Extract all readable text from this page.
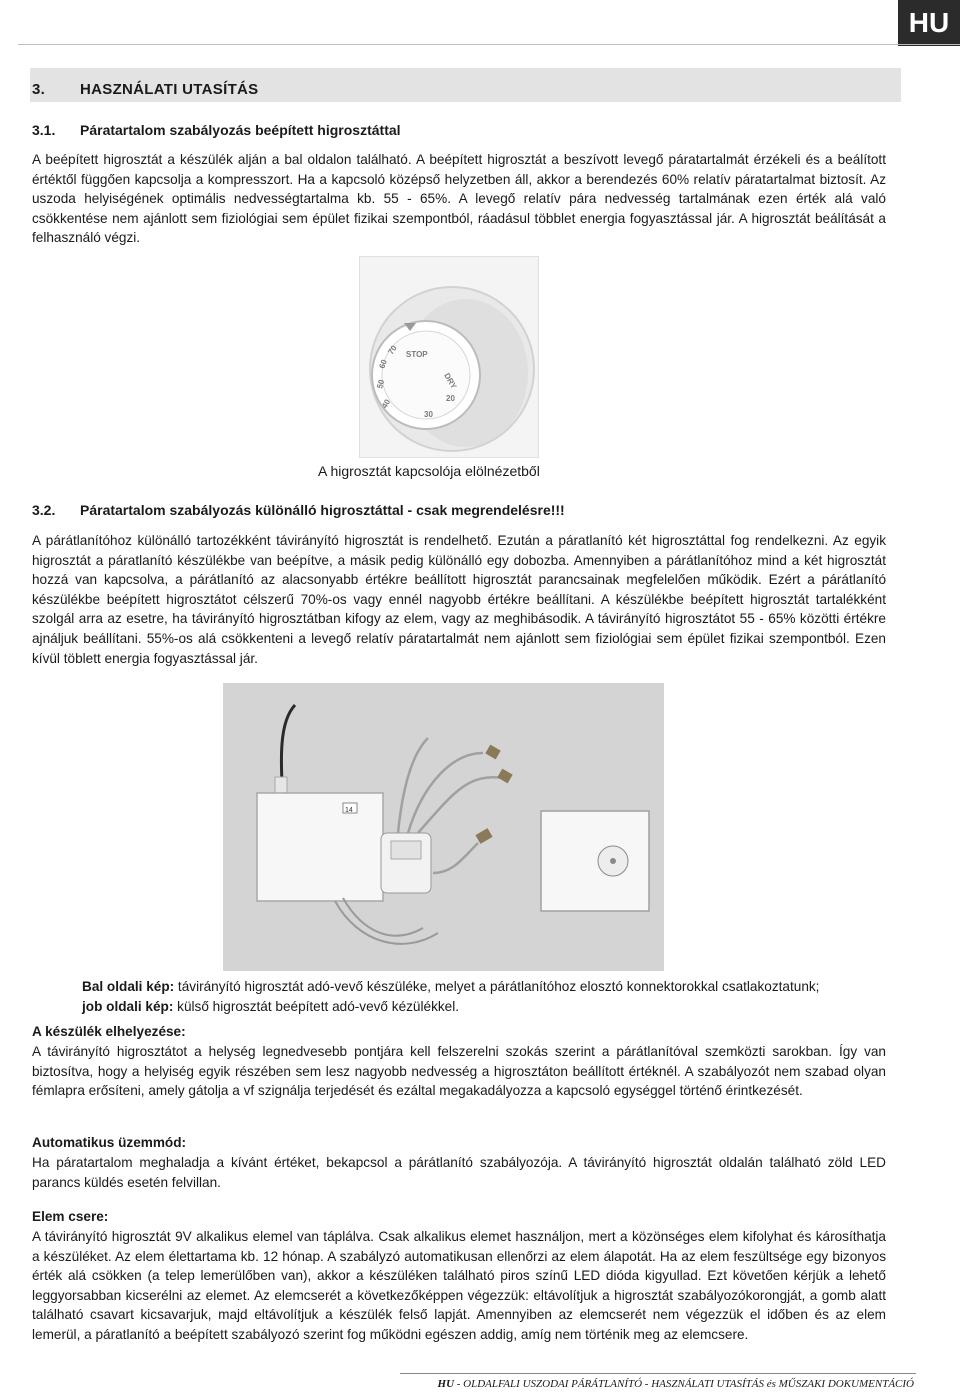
HU
3. HASZNÁLATI UTASÍTÁS
3.1. Páratartalom szabályozás beépített higrosztáttal
A beépített higrosztát a készülék alján a bal oldalon található. A beépített higrosztát a beszívott levegő páratartalmát érzékeli és a beálított értéktől függően kapcsolja a kompresszort. Ha a kapcsoló középső helyzetben áll, akkor a berendezés 60% relatív páratartalmat biztosít. Az uszoda helyiségének optimális nedvességtartalma kb. 55 - 65%. A levegő relatív pára nedvesség tartalmának ezen érték alá való csökkentése nem ajánlott sem fiziológiai sem épület fizikai szempontból, ráadásul többlet energia fogyasztással jár. A higrosztát beálítását a felhasználó végzi.
STOP
DRY
20
30
40
50
60
70
A higrosztát kapcsolója elölnézetből
3.2. Páratartalom szabályozás különálló higrosztáttal - csak megrendelésre!!!
A párátlanítóhoz különálló tartozékként távirányító higrosztát is rendelhető. Ezután a páratlanító két higrosztáttal fog rendelkezni. Az egyik higrosztát a páratlanító készülékbe van beépítve, a másik pedig különálló egy dobozba. Amennyiben a párátlanítóhoz mind a két higrosztát hozzá van kapcsolva, a párátlanító az alacsonyabb értékre beállított higrosztát parancsainak megfelelően működik. Ezért a párátlanító készülékbe beépített higrosztátot célszerű 70%-os vagy ennél nagyobb értékre beállítani. A készülékbe beépített higrosztát tartalékként szolgál arra az esetre, ha távirányító higrosztátban kifogy az elem, vagy az meghibásodik. A távirányító higrosztátot 55 - 65% közötti értékre ajnáljuk beállítani. 55%-os alá csökkenteni a levegő relatív páratartalmát nem ajánlott sem fiziológiai sem épület fizikai szempontból. Ezen kívül töblett energia fogyasztással jár.
14
Bal oldali kép: távirányító higrosztát adó-vevő készüléke, melyet a párátlanítóhoz elosztó konnektorokkal csatlakoztatunk;
job oldali kép: külső higrosztát beépített adó-vevő kézülékkel.
A készülék elhelyezése:
A távirányító higrosztátot a helység legnedvesebb pontjára kell felszerelni szokás szerint a párátlanítóval szemközti sarokban. Így van biztosítva, hogy a helyiség egyik részében sem lesz nagyobb nedvesség a higrosztáton beállított értéknél. A szabályozót nem szabad olyan fémlapra erősíteni, amely gátolja a vf szignálja terjedését és ezáltal megakadályozza a kapcsoló egységgel történő érintkezését.
Automatikus üzemmód:
Ha páratartalom meghaladja a kívánt értéket, bekapcsol a párátlanító szabályozója. A távirányító higrosztát oldalán található zöld LED parancs küldés esetén felvillan.
Elem csere:
A távirányító higrosztát 9V alkalikus elemel van táplálva. Csak alkalikus elemet használjon, mert a közönséges elem kifolyhat és károsíthatja a készüléket. Az elem élettartama kb. 12 hónap. A szabályzó automatikusan ellenőrzi az elem álapotát. Ha az elem feszültsége egy bizonyos érték alá csökken (a telep lemerülőben van), akkor a készüléken található piros színű LED dióda kigyullad. Ezt követően kérjük a lehető leggyorsabban kicserélni az elemet. Az elemcserét a következőképpen végezzük: eltávolítjuk a higrosztát szabályozókorongját, a gomb alatt található csavart kicsavarjuk, majd eltávolítjuk a készülék felső lapját. Amennyiben az elemcserét nem végezzük el időben és az elem lemerül, a páratlanító a beépített szabályozó szerint fog működni egészen addig, amíg nem történik meg az elemcsere.
HU - OLDALFALI USZODAI PÁRÁTLANÍTÓ - HASZNÁLATI UTASÍTÁS és MŰSZAKI DOKUMENTÁCIÓ
